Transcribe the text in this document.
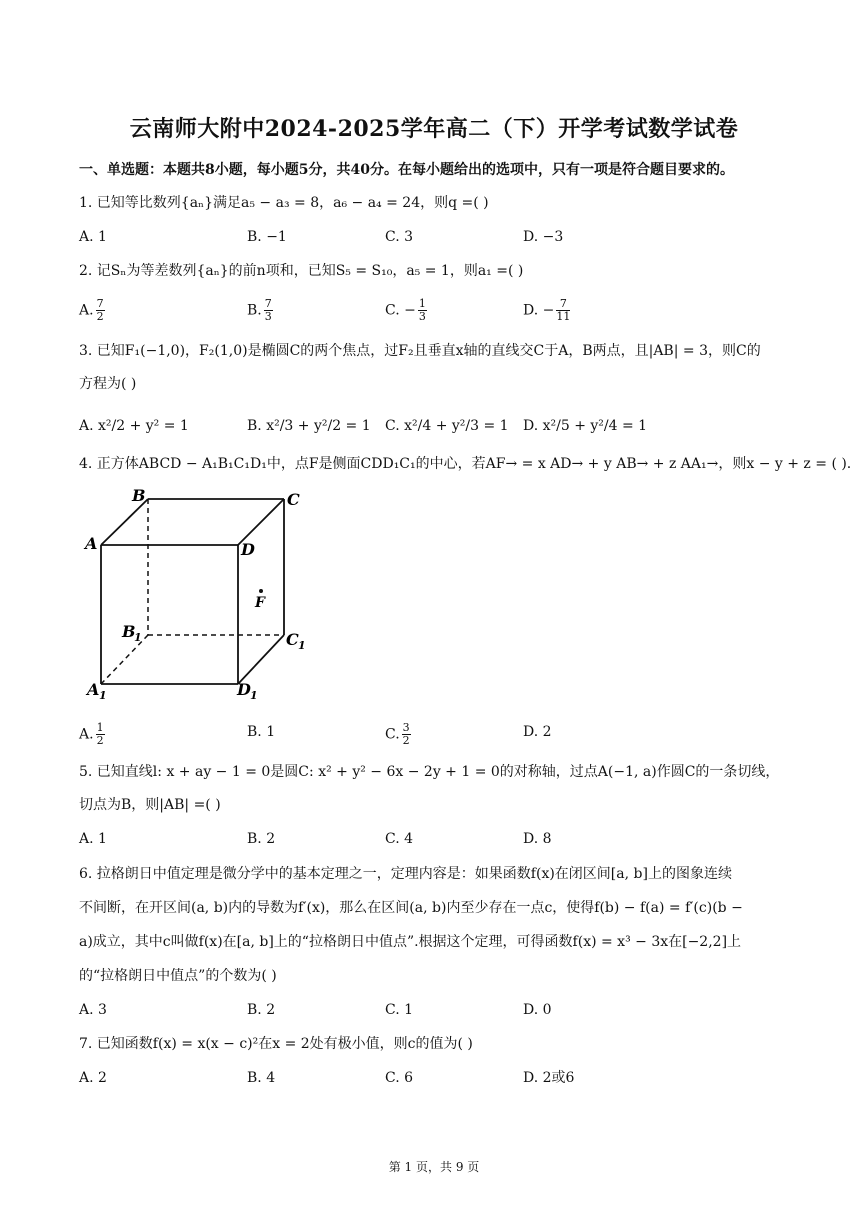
云南师大附中2024-2025学年高二（下）开学考试数学试卷
一、单选题：本题共8小题，每小题5分，共40分。在每小题给出的选项中，只有一项是符合题目要求的。
1. 已知等比数列{aₙ}满足a₅ − a₃ = 8，a₆ − a₄ = 24，则q =( )
A. 1	B. −1	C. 3	D. −3
2. 记Sₙ为等差数列{aₙ}的前n项和，已知S₅ = S₁₀，a₅ = 1，则a₁ =( )
A. $\frac{7}{2}$	B. $\frac{7}{3}$	C. − $\frac{1}{3}$	D. − $\frac{7}{11}$
3. 已知F₁(−1,0)，F₂(1,0)是椭圆C的两个焦点，过F₂且垂直x轴的直线交C于A，B两点，且|AB| = 3，则C的
方程为( )
A. x²/2 + y² = 1	B. x²/3 + y²/2 = 1 C. x²/4 + y²/3 = 1 D. x²/5 + y²/4 = 1
4. 正方体ABCD − A₁B₁C₁D₁中，点F是侧面CDD₁C₁的中心，若AF→ = x AD→ + y AB→ + z AA₁→，则x − y + z = ( ).
A
B	C
D
F
B
1	C 1
A 1	D 1
A. $\frac{1}{2}$	B. 1	C. $\frac{3}{2}$	D. 2
5. 已知直线l: x + ay − 1 = 0是圆C: x² + y² − 6x − 2y + 1 = 0的对称轴，过点A(−1, a)作圆C的一条切线，
切点为B，则|AB| =( )
A. 1	B. 2	C. 4	D. 8
6. 拉格朗日中值定理是微分学中的基本定理之一，定理内容是：如果函数f(x)在闭区间[a, b]上的图象连续
不间断，在开区间(a, b)内的导数为f′(x)，那么在区间(a, b)内至少存在一点c，使得f(b) − f(a) = f′(c)(b −
a)成立，其中c叫做f(x)在[a, b]上的“拉格朗日中值点”.根据这个定理，可得函数f(x) = x³ − 3x在[−2,2]上
的“拉格朗日中值点”的个数为( )
A. 3	B. 2	C. 1	D. 0
7. 已知函数f(x) = x(x − c)²在x = 2处有极小值，则c的值为( )
A. 2	B. 4	C. 6	D. 2或6
第 1 页，共 9 页
